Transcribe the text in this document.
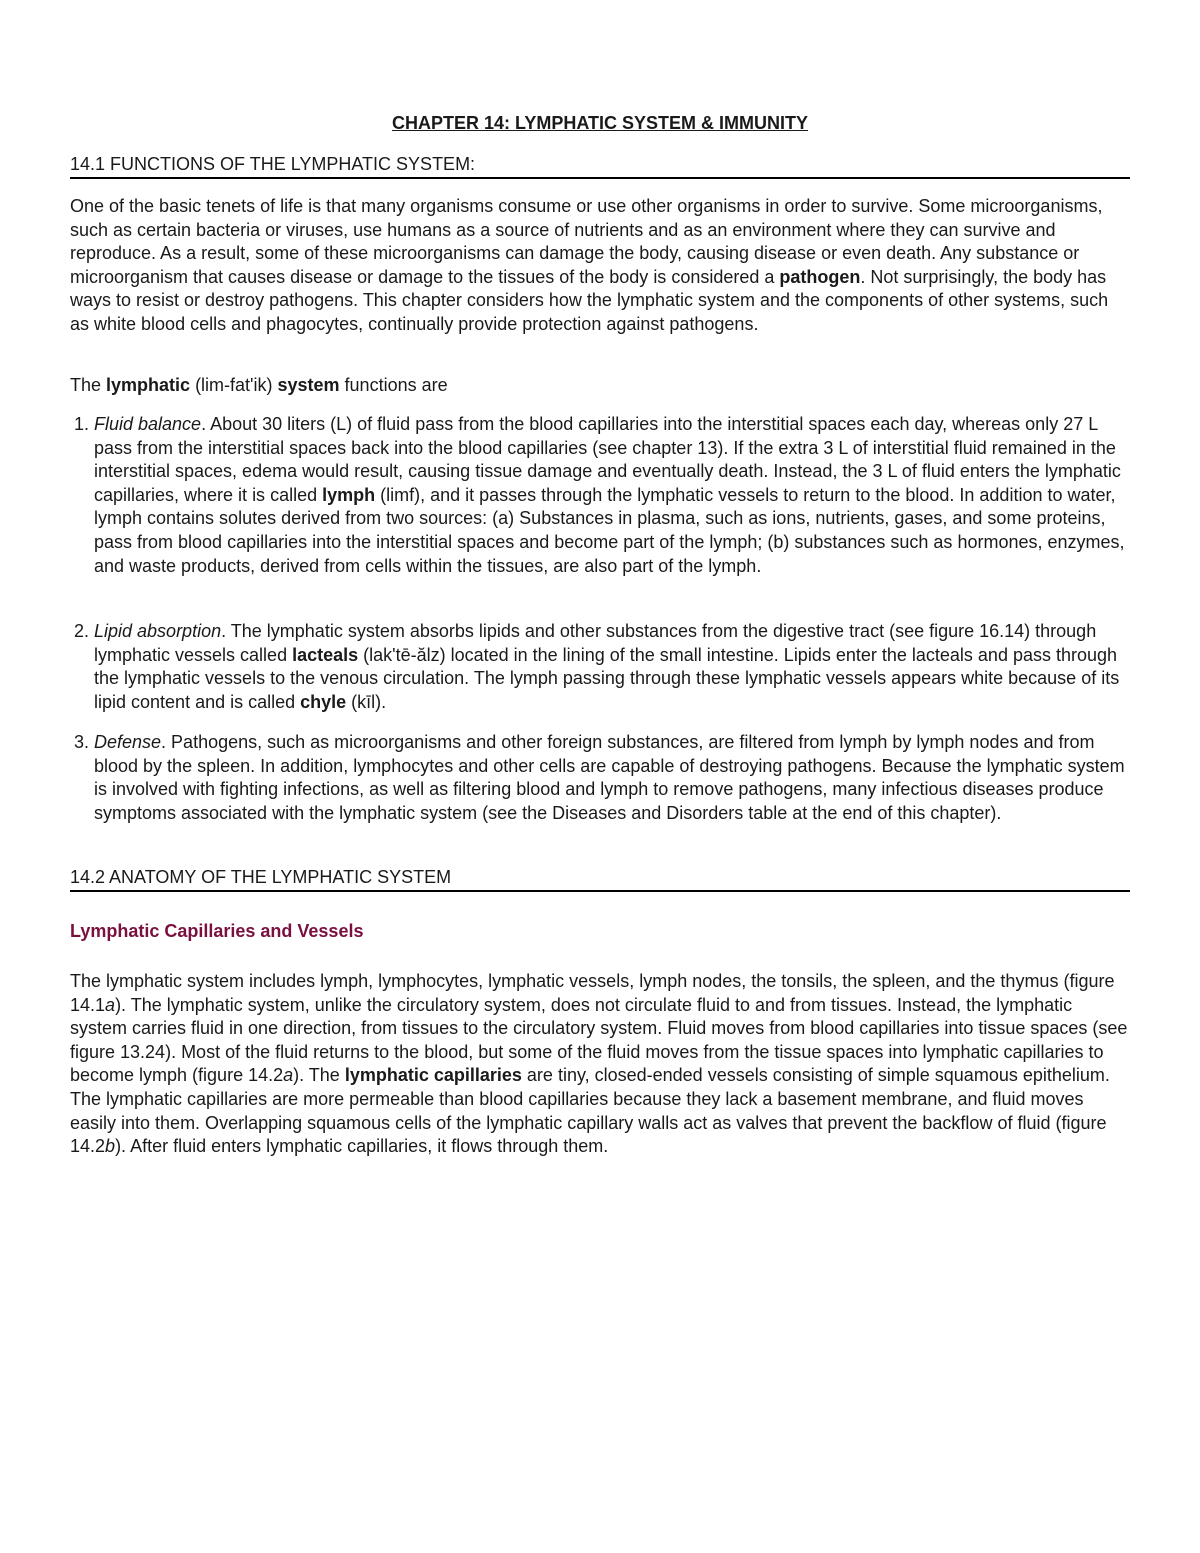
CHAPTER 14: LYMPHATIC SYSTEM & IMMUNITY
14.1 FUNCTIONS OF THE LYMPHATIC SYSTEM:

One of the basic tenets of life is that many organisms consume or use other organisms in order to survive. Some microorganisms, such as certain bacteria or viruses, use humans as a source of nutrients and as an environment where they can survive and reproduce. As a result, some of these microorganisms can damage the body, causing disease or even death. Any substance or microorganism that causes disease or damage to the tissues of the body is considered a pathogen. Not surprisingly, the body has ways to resist or destroy pathogens. This chapter considers how the lymphatic system and the components of other systems, such as white blood cells and phagocytes, continually provide protection against pathogens.

The lymphatic (lim-fat'ik) system functions are

1. Fluid balance. About 30 liters (L) of fluid pass from the blood capillaries into the interstitial spaces each day, whereas only 27 L pass from the interstitial spaces back into the blood capillaries (see chapter 13). If the extra 3 L of interstitial fluid remained in the interstitial spaces, edema would result, causing tissue damage and eventually death. Instead, the 3 L of fluid enters the lymphatic capillaries, where it is called lymph (limf), and it passes through the lymphatic vessels to return to the blood. In addition to water, lymph contains solutes derived from two sources: (a) Substances in plasma, such as ions, nutrients, gases, and some proteins, pass from blood capillaries into the interstitial spaces and become part of the lymph; (b) substances such as hormones, enzymes, and waste products, derived from cells within the tissues, are also part of the lymph.

2. Lipid absorption. The lymphatic system absorbs lipids and other substances from the digestive tract (see figure 16.14) through lymphatic vessels called lacteals (lak'tē-ălz) located in the lining of the small intestine. Lipids enter the lacteals and pass through the lymphatic vessels to the venous circulation. The lymph passing through these lymphatic vessels appears white because of its lipid content and is called chyle (kīl).

3. Defense. Pathogens, such as microorganisms and other foreign substances, are filtered from lymph by lymph nodes and from blood by the spleen. In addition, lymphocytes and other cells are capable of destroying pathogens. Because the lymphatic system is involved with fighting infections, as well as filtering blood and lymph to remove pathogens, many infectious diseases produce symptoms associated with the lymphatic system (see the Diseases and Disorders table at the end of this chapter).

14.2 ANATOMY OF THE LYMPHATIC SYSTEM
Lymphatic Capillaries and Vessels

The lymphatic system includes lymph, lymphocytes, lymphatic vessels, lymph nodes, the tonsils, the spleen, and the thymus (figure 14.1a). The lymphatic system, unlike the circulatory system, does not circulate fluid to and from tissues. Instead, the lymphatic system carries fluid in one direction, from tissues to the circulatory system. Fluid moves from blood capillaries into tissue spaces (see figure 13.24). Most of the fluid returns to the blood, but some of the fluid moves from the tissue spaces into lymphatic capillaries to become lymph (figure 14.2a). The lymphatic capillaries are tiny, closed-ended vessels consisting of simple squamous epithelium. The lymphatic capillaries are more permeable than blood capillaries because they lack a basement membrane, and fluid moves easily into them. Overlapping squamous cells of the lymphatic capillary walls act as valves that prevent the backflow of fluid (figure 14.2b). After fluid enters lymphatic capillaries, it flows through them.
